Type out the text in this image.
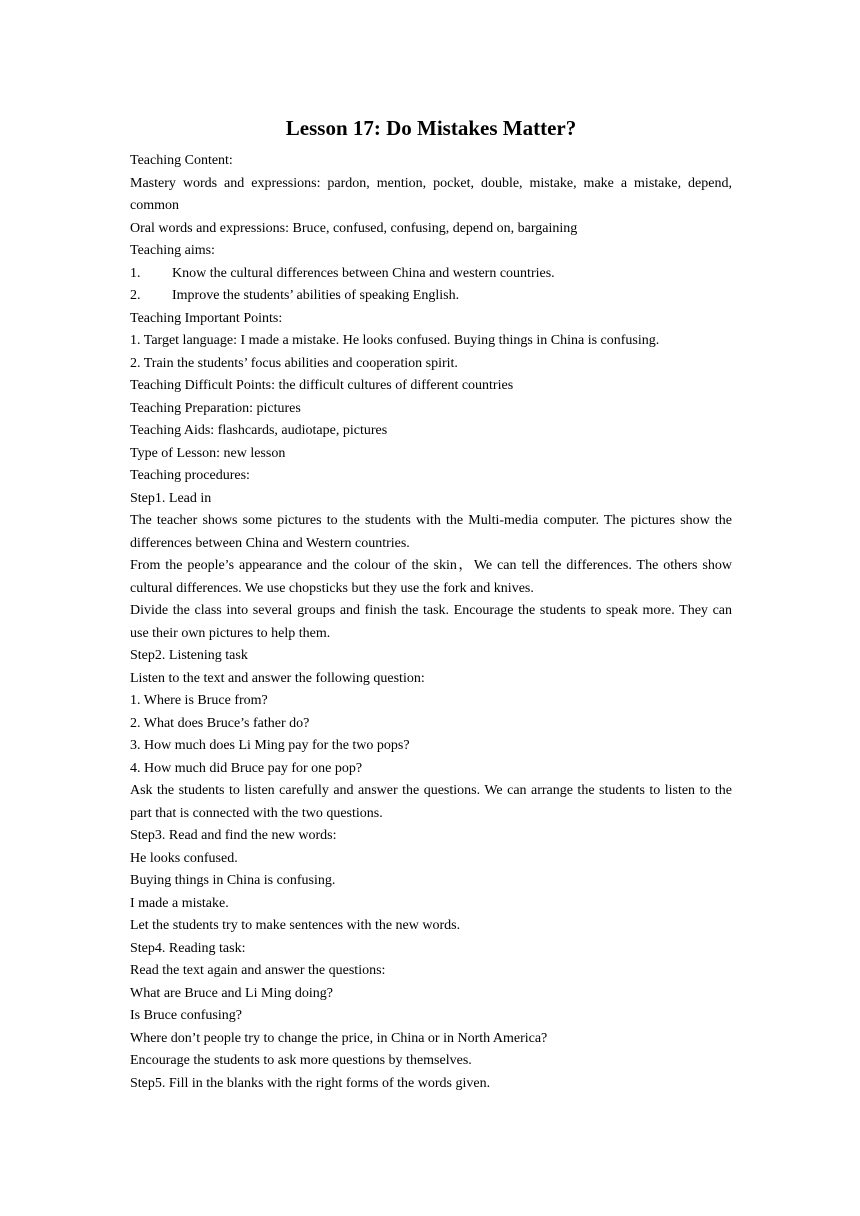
Lesson 17: Do Mistakes Matter?

Teaching Content:

Mastery words and expressions: pardon, mention, pocket, double, mistake, make a mistake, depend, common

Oral words and expressions: Bruce, confused, confusing, depend on, bargaining

Teaching aims:

1.	Know the cultural differences between China and western countries.
2.	Improve the students’ abilities of speaking English.

Teaching Important Points:

1. Target language: I made a mistake. He looks confused. Buying things in China is confusing.

2. Train the students’ focus abilities and cooperation spirit.

Teaching Difficult Points: the difficult cultures of different countries

Teaching Preparation: pictures

Teaching Aids: flashcards, audiotape, pictures

Type of Lesson: new lesson

Teaching procedures:

Step1. Lead in

The teacher shows some pictures to the students with the Multi-media computer. The pictures show the differences between China and Western countries.

From the people’s appearance and the colour of the skin，We can tell the differences. The others show cultural differences. We use chopsticks but they use the fork and knives.

Divide the class into several groups and finish the task. Encourage the students to speak more. They can use their own pictures to help them.

Step2. Listening task

Listen to the text and answer the following question:

1. Where is Bruce from?

2. What does Bruce’s father do?

3. How much does Li Ming pay for the two pops?

4. How much did Bruce pay for one pop?

Ask the students to listen carefully and answer the questions. We can arrange the students to listen to the part that is connected with the two questions.

Step3. Read and find the new words:

He looks confused.

Buying things in China is confusing.

I made a mistake.

Let the students try to make sentences with the new words.

Step4. Reading task:

Read the text again and answer the questions:

What are Bruce and Li Ming doing?

Is Bruce confusing?

Where don’t people try to change the price, in China or in North America?

Encourage the students to ask more questions by themselves.

Step5. Fill in the blanks with the right forms of the words given.
